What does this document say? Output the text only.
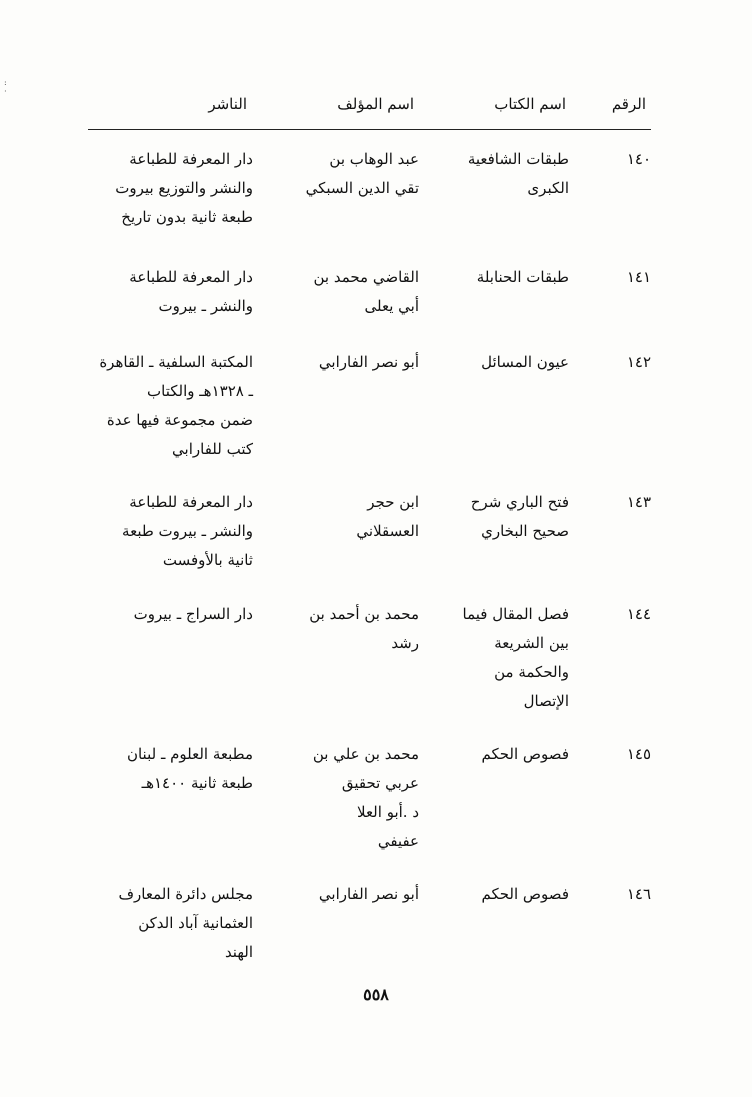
:
·
الرقم
اسم الكتاب
اسم المؤلف
الناشر
١٤٠
طبقات الشافعية
الكبرى
عبد الوهاب بن
تقي الدين السبكي
دار المعرفة للطباعة
والنشر والتوزيع بيروت
طبعة ثانية بدون تاريخ
١٤١
طبقات الحنابلة
القاضي محمد بن
أبي يعلى
دار المعرفة للطباعة
والنشر ـ بيروت
١٤٢
عيون المسائل
أبو نصر الفارابي
المكتبة السلفية ـ القاهرة
ـ ١٣٢٨هـ والكتاب
ضمن مجموعة فيها عدة
كتب للفارابي
١٤٣
فتح الباري شرح
صحيح البخاري
ابن حجر
العسقلاني
دار المعرفة للطباعة
والنشر ـ بيروت طبعة
ثانية بالأوفست
١٤٤
فصل المقال فيما
بين الشريعة
والحكمة من
الإتصال
محمد بن أحمد بن
رشد
دار السراج ـ بيروت
١٤٥
فصوص الحكم
محمد بن علي بن
عربي تحقيق
د .أبو العلا
عفيفي
مطبعة العلوم ـ لبنان
طبعة ثانية ١٤٠٠هـ
١٤٦
فصوص الحكم
أبو نصر الفارابي
مجلس دائرة المعارف
العثمانية آباد الدكن
الهند
٥٥٨
